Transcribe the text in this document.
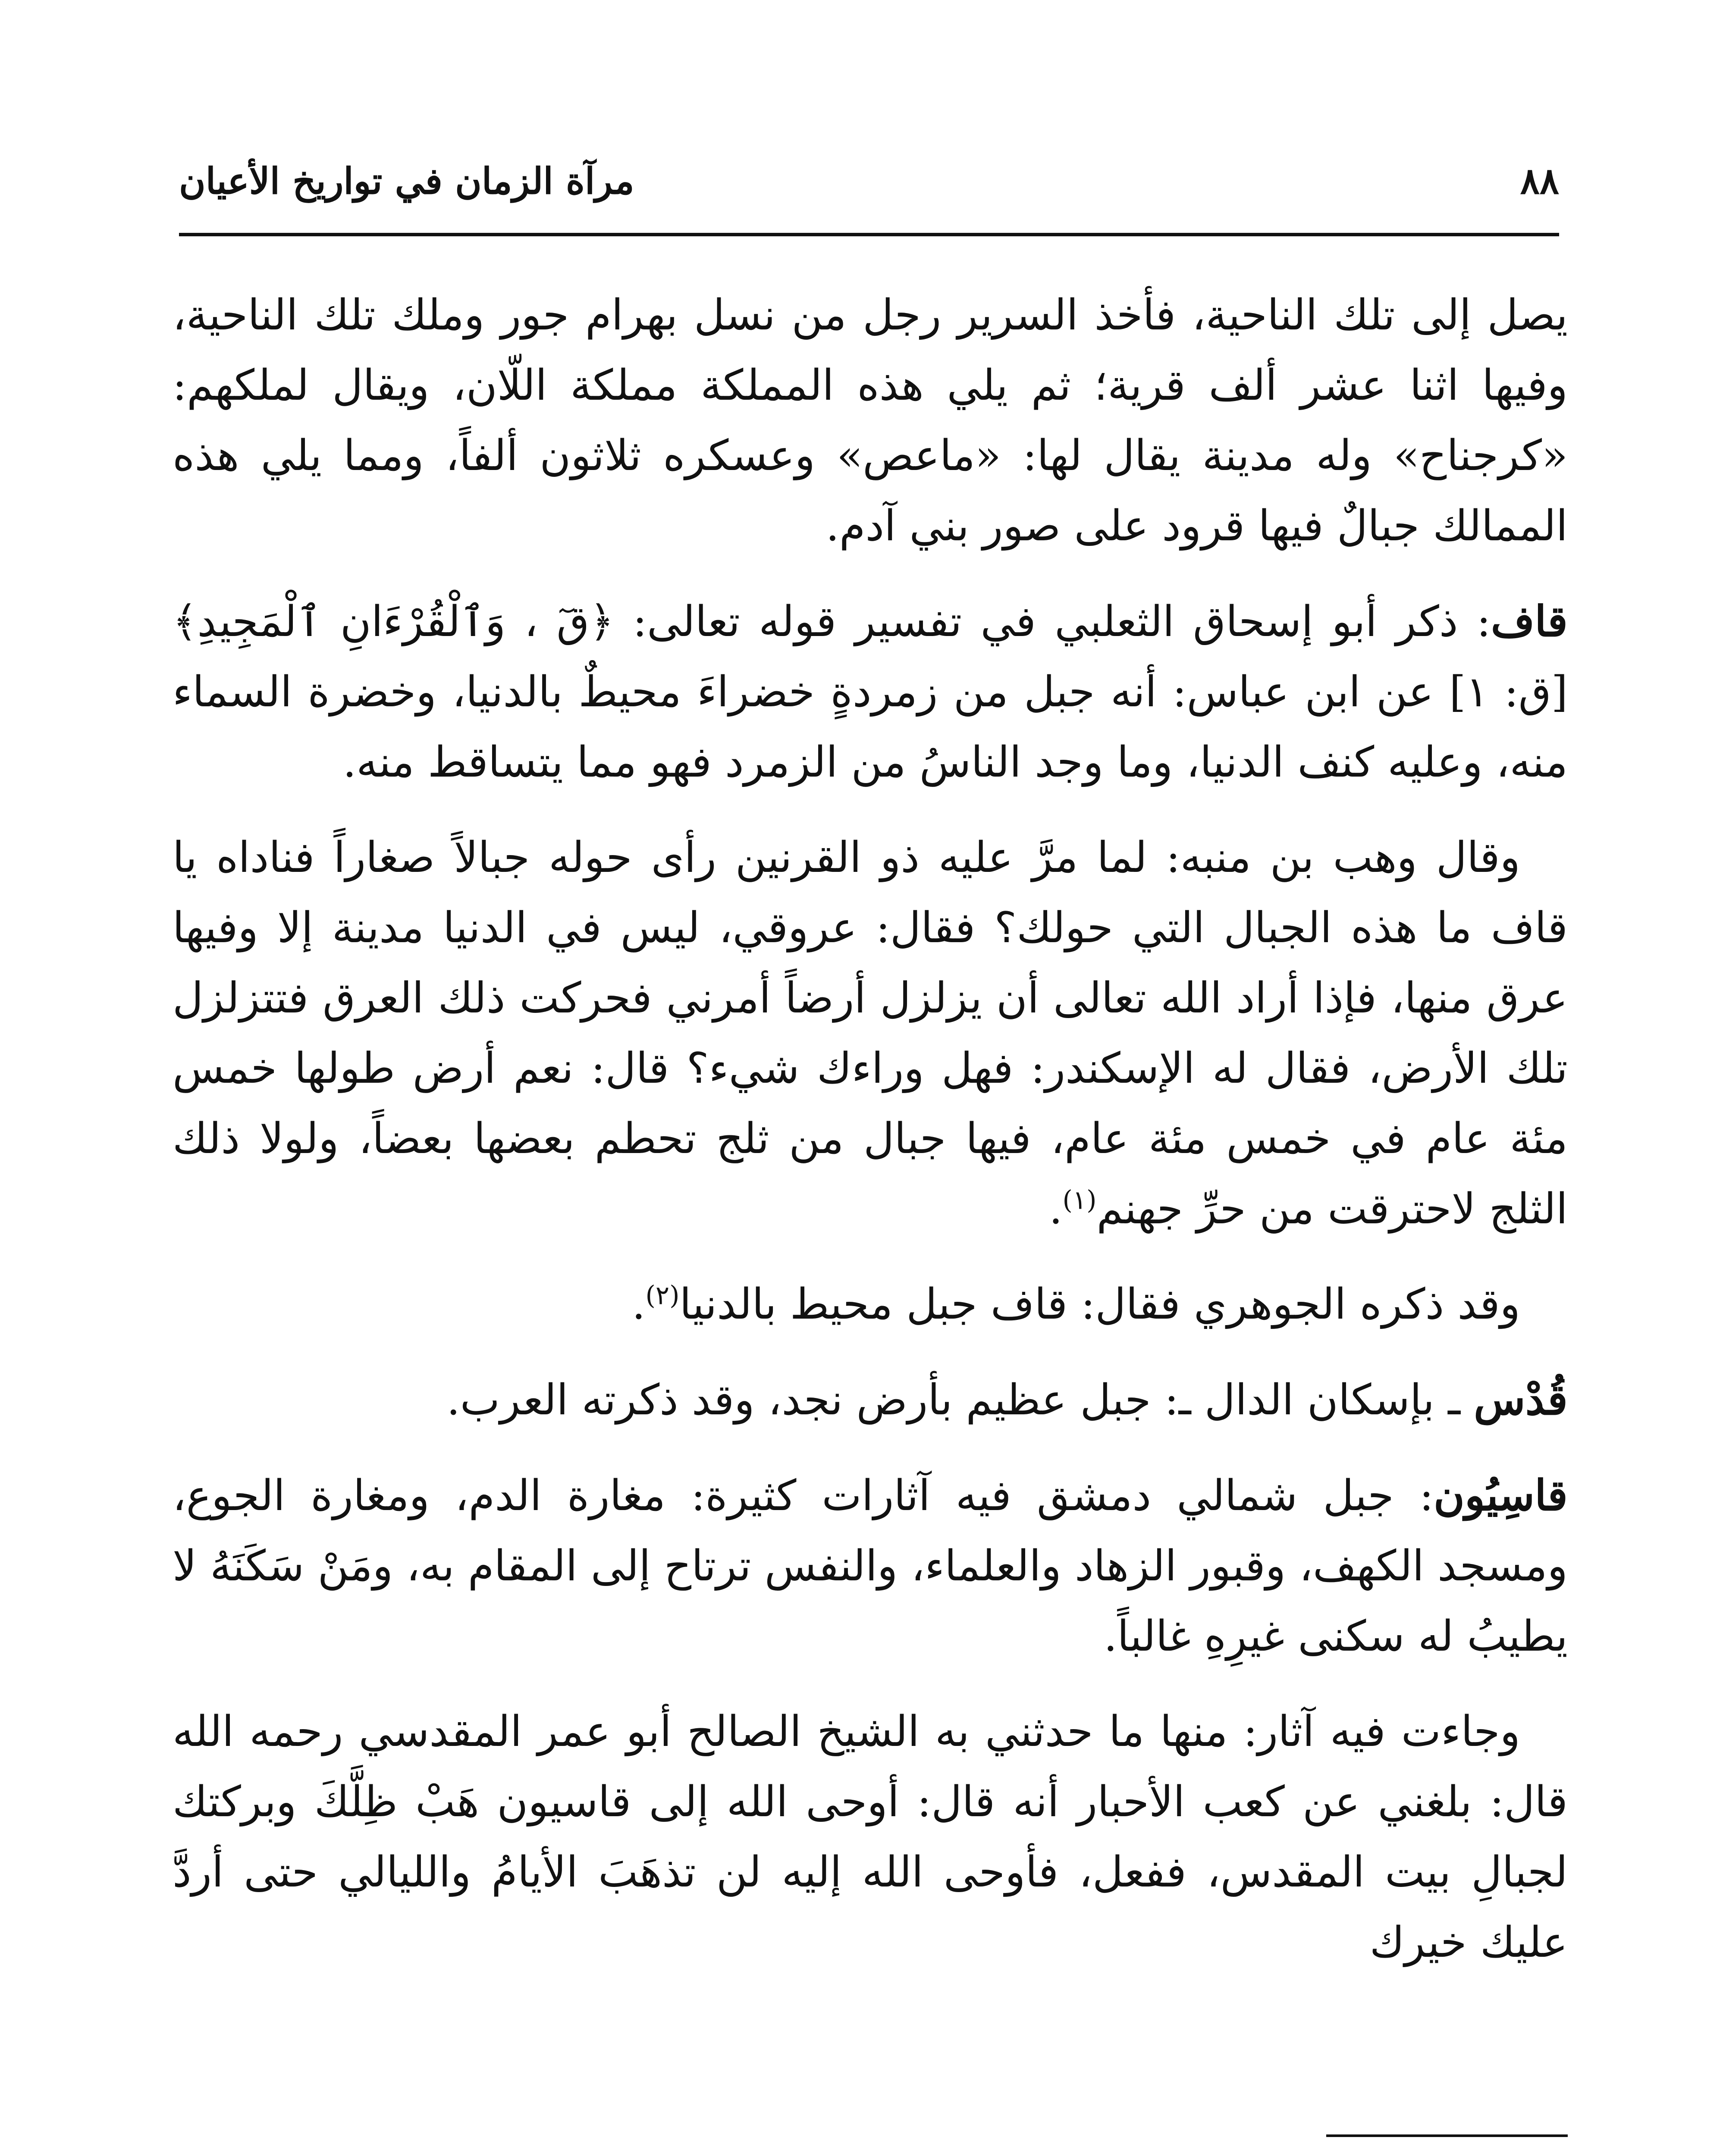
٨٨
مرآة الزمان في تواريخ الأعيان

يصل إلى تلك الناحية، فأخذ السرير رجل من نسل بهرام جور وملك تلك الناحية، وفيها اثنا عشر ألف قرية؛ ثم يلي هذه المملكة مملكة اللّان، ويقال لملكهم: «كرجناح» وله مدينة يقال لها: «ماعص» وعسكره ثلاثون ألفاً، ومما يلي هذه الممالك جبالٌ فيها قرود على صور بني آدم.

قاف: ذكر أبو إسحاق الثعلبي في تفسير قوله تعالى: ﴿قٓ ، وَٱلْقُرْءَانِ ٱلْمَجِيدِ﴾[ق: ١] عن ابن عباس: أنه جبل من زمردةٍ خضراءَ محيطٌ بالدنيا، وخضرة السماء منه، وعليه كنف الدنيا، وما وجد الناسُ من الزمرد فهو مما يتساقط منه.

وقال وهب بن منبه: لما مرَّ عليه ذو القرنين رأى حوله جبالاً صغاراً فناداه يا قاف ما هذه الجبال التي حولك؟ فقال: عروقي، ليس في الدنيا مدينة إلا وفيها عرق منها، فإذا أراد الله تعالى أن يزلزل أرضاً أمرني فحركت ذلك العرق فتتزلزل تلك الأرض، فقال له الإسكندر: فهل وراءك شيء؟ قال: نعم أرض طولها خمس مئة عام في خمس مئة عام، فيها جبال من ثلج تحطم بعضها بعضاً، ولولا ذلك الثلج لاحترقت من حرِّ جهنم$^{(١)}$.

وقد ذكره الجوهري فقال: قاف جبل محيط بالدنيا$^{(٢)}$.

قُدْس ـ بإسكان الدال ـ: جبل عظيم بأرض نجد، وقد ذكرته العرب.

قاسِيُون: جبل شمالي دمشق فيه آثارات كثيرة: مغارة الدم، ومغارة الجوع، ومسجد الكهف، وقبور الزهاد والعلماء، والنفس ترتاح إلى المقام به، ومَنْ سَكَنَهُ لا يطيبُ له سكنى غيرِهِ غالباً.

وجاءت فيه آثار: منها ما حدثني به الشيخ الصالح أبو عمر المقدسي رحمه الله قال: بلغني عن كعب الأحبار أنه قال: أوحى الله إلى قاسيون هَبْ ظِلَّكَ وبركتك لجبالِ بيت المقدس، ففعل، فأوحى الله إليه لن تذهَبَ الأيامُ والليالي حتى أردَّ عليك خيرك
